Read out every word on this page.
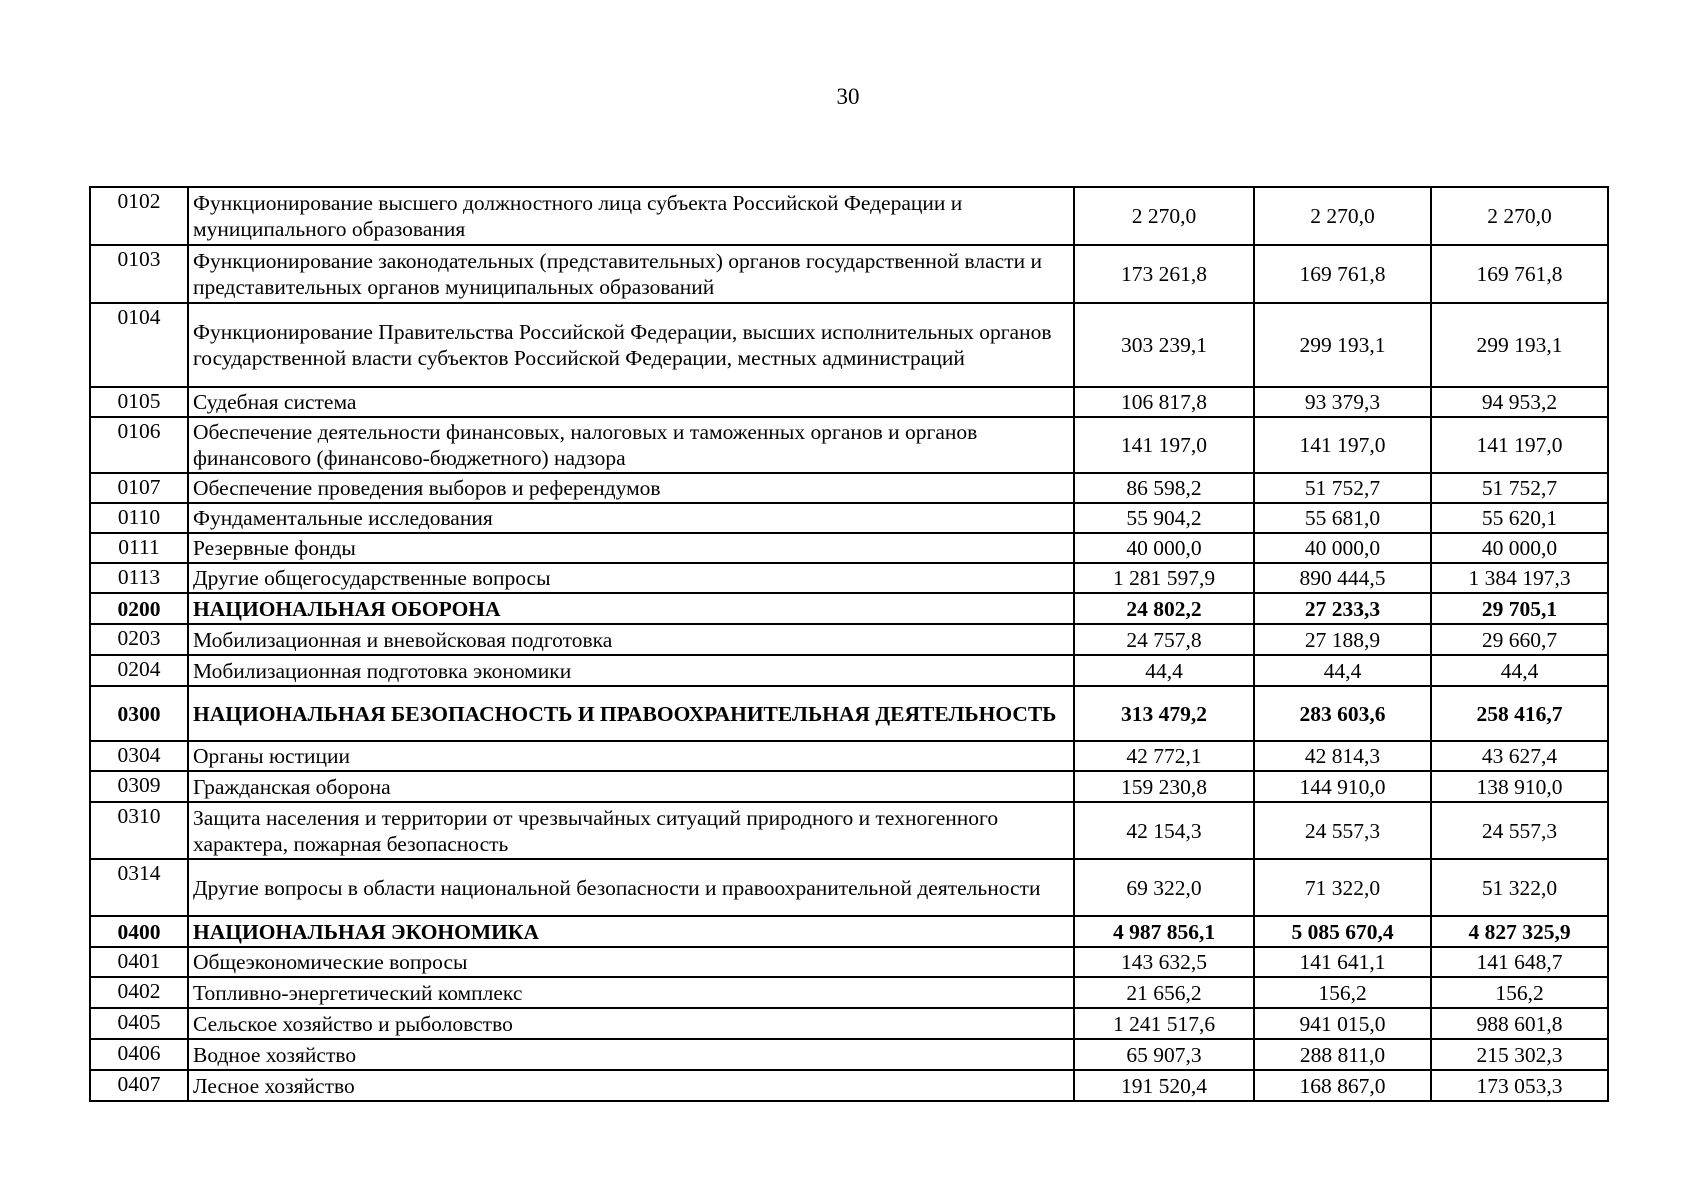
30
0102	Функционирование высшего должностного лица субъекта Российской Федерации и муниципального образования	2 270,0	2 270,0	2 270,0
0103	Функционирование законодательных (представительных) органов государственной власти и представительных органов муниципальных образований	173 261,8	169 761,8	169 761,8
0104	Функционирование Правительства Российской Федерации, высших исполнительных органов государственной власти субъектов Российской Федерации, местных администраций	303 239,1	299 193,1	299 193,1
0105	Судебная система	106 817,8	93 379,3	94 953,2
0106	Обеспечение деятельности финансовых, налоговых и таможенных органов и органов финансового (финансово-бюджетного) надзора	141 197,0	141 197,0	141 197,0
0107	Обеспечение проведения выборов и референдумов	86 598,2	51 752,7	51 752,7
0110	Фундаментальные исследования	55 904,2	55 681,0	55 620,1
0111	Резервные фонды	40 000,0	40 000,0	40 000,0
0113	Другие общегосударственные вопросы	1 281 597,9	890 444,5	1 384 197,3
0200	НАЦИОНАЛЬНАЯ ОБОРОНА	24 802,2	27 233,3	29 705,1
0203	Мобилизационная и вневойсковая подготовка	24 757,8	27 188,9	29 660,7
0204	Мобилизационная подготовка экономики	44,4	44,4	44,4
0300	НАЦИОНАЛЬНАЯ БЕЗОПАСНОСТЬ И ПРАВООХРАНИТЕЛЬНАЯ ДЕЯТЕЛЬНОСТЬ	313 479,2	283 603,6	258 416,7
0304	Органы юстиции	42 772,1	42 814,3	43 627,4
0309	Гражданская оборона	159 230,8	144 910,0	138 910,0
0310	Защита населения и территории от чрезвычайных ситуаций природного и техногенного характера, пожарная безопасность	42 154,3	24 557,3	24 557,3
0314	Другие вопросы в области национальной безопасности и правоохранительной деятельности	69 322,0	71 322,0	51 322,0
0400	НАЦИОНАЛЬНАЯ ЭКОНОМИКА	4 987 856,1	5 085 670,4	4 827 325,9
0401	Общеэкономические вопросы	143 632,5	141 641,1	141 648,7
0402	Топливно-энергетический комплекс	21 656,2	156,2	156,2
0405	Сельское хозяйство и рыболовство	1 241 517,6	941 015,0	988 601,8
0406	Водное хозяйство	65 907,3	288 811,0	215 302,3
0407	Лесное хозяйство	191 520,4	168 867,0	173 053,3
